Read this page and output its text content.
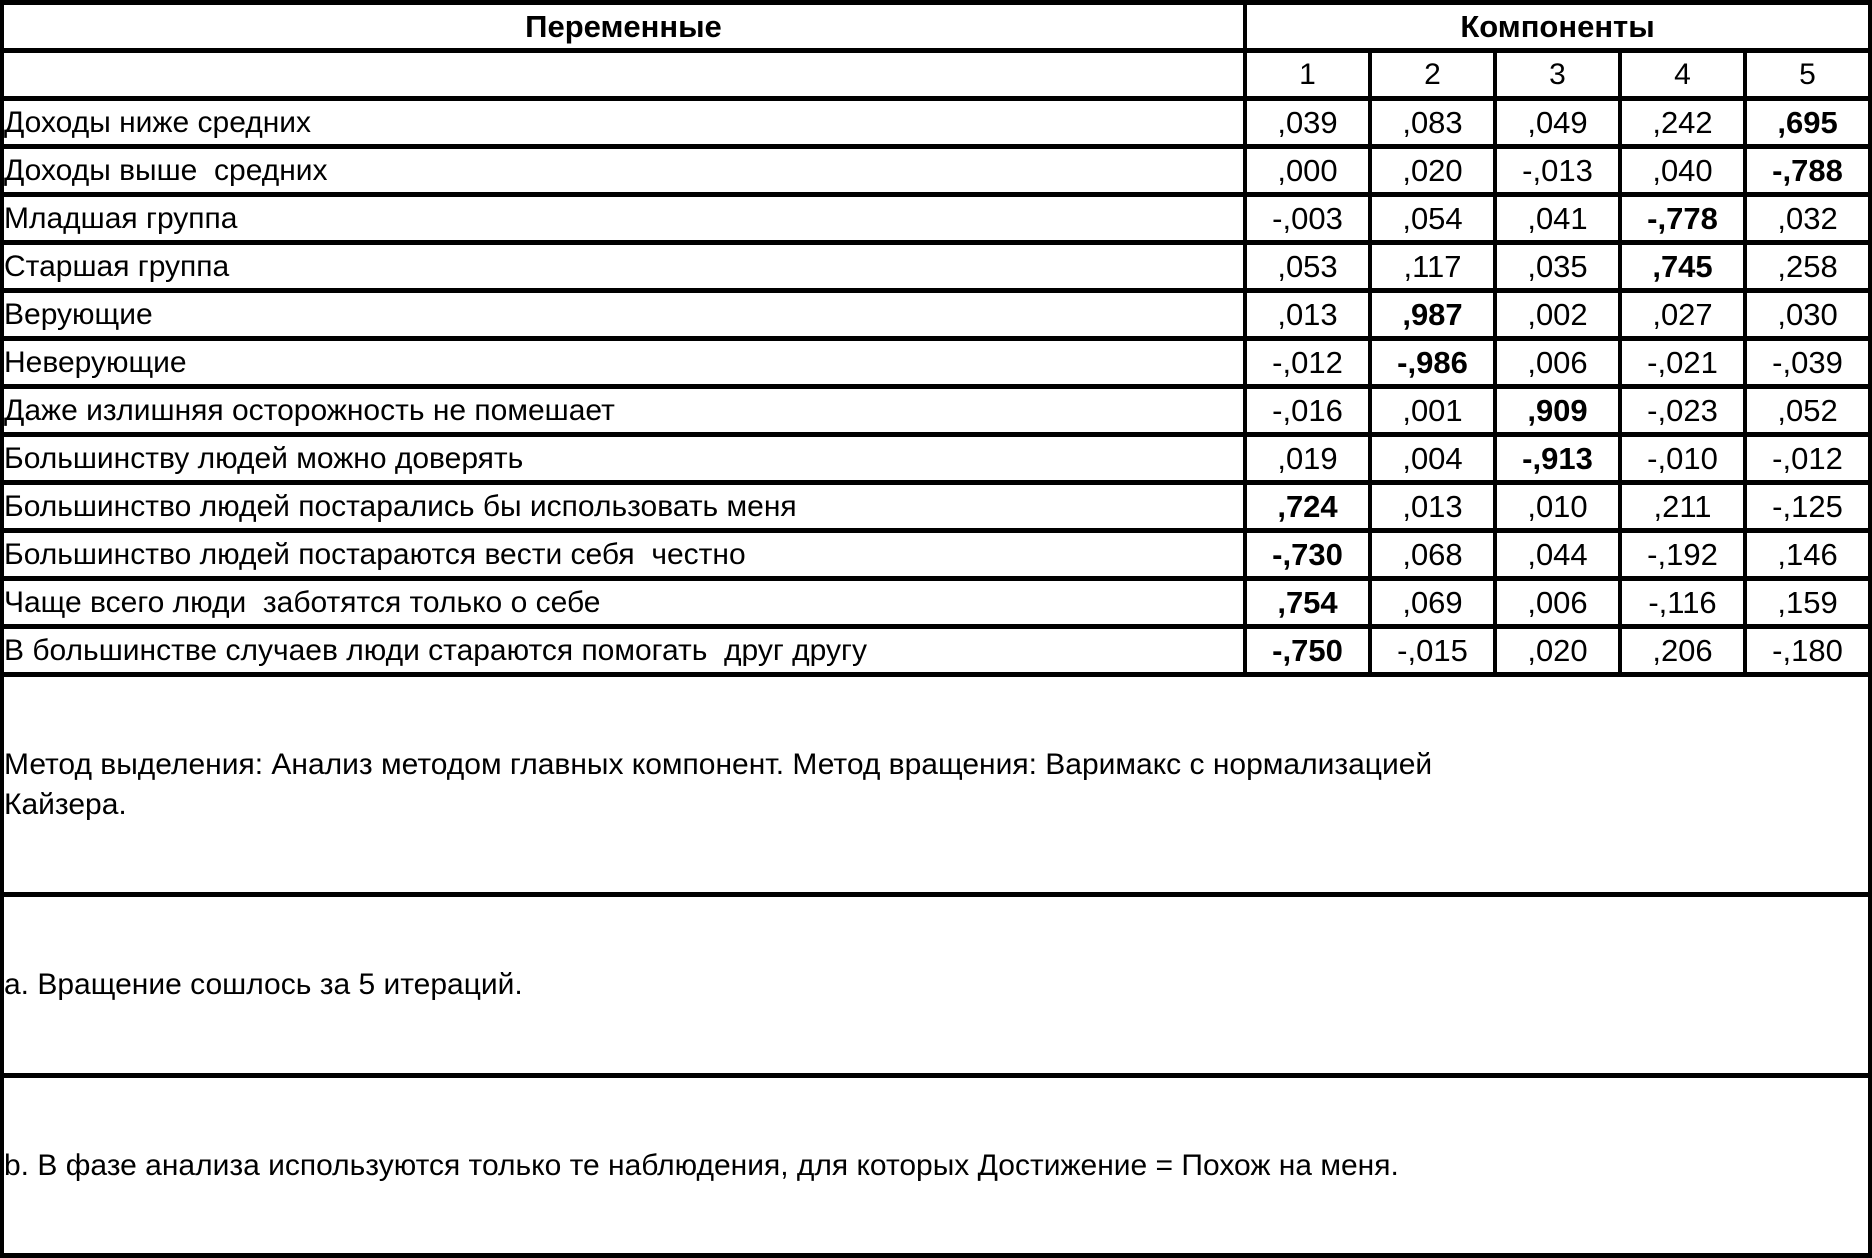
Переменные	Компоненты				
	1	2	3	4	5
Доходы ниже средних	,039	,083	,049	,242	,695
Доходы выше  средних	,000	,020	-,013	,040	-,788
Младшая группа	-,003	,054	,041	-,778	,032
Старшая группа	,053	,117	,035	,745	,258
Верующие	,013	,987	,002	,027	,030
Неверующие	-,012	-,986	,006	-,021	-,039
Даже излишняя осторожность не помешает	-,016	,001	,909	-,023	,052
Большинству людей можно доверять	,019	,004	-,913	-,010	-,012
Большинство людей постарались бы использовать меня	,724	,013	,010	,211	-,125
Большинство людей постараются вести себя  честно	-,730	,068	,044	-,192	,146
Чаще всего люди  заботятся только о себе	,754	,069	,006	-,116	,159
В большинстве случаев люди стараются помогать  друг другу	-,750	-,015	,020	,206	-,180

Метод выделения: Анализ методом главных компонент. Метод вращения: Варимакс с нормализацией Кайзера.					

a. Вращение сошлось за 5 итераций.					

b. В фазе анализа используются только те наблюдения, для которых Достижение = Похож на меня.					
